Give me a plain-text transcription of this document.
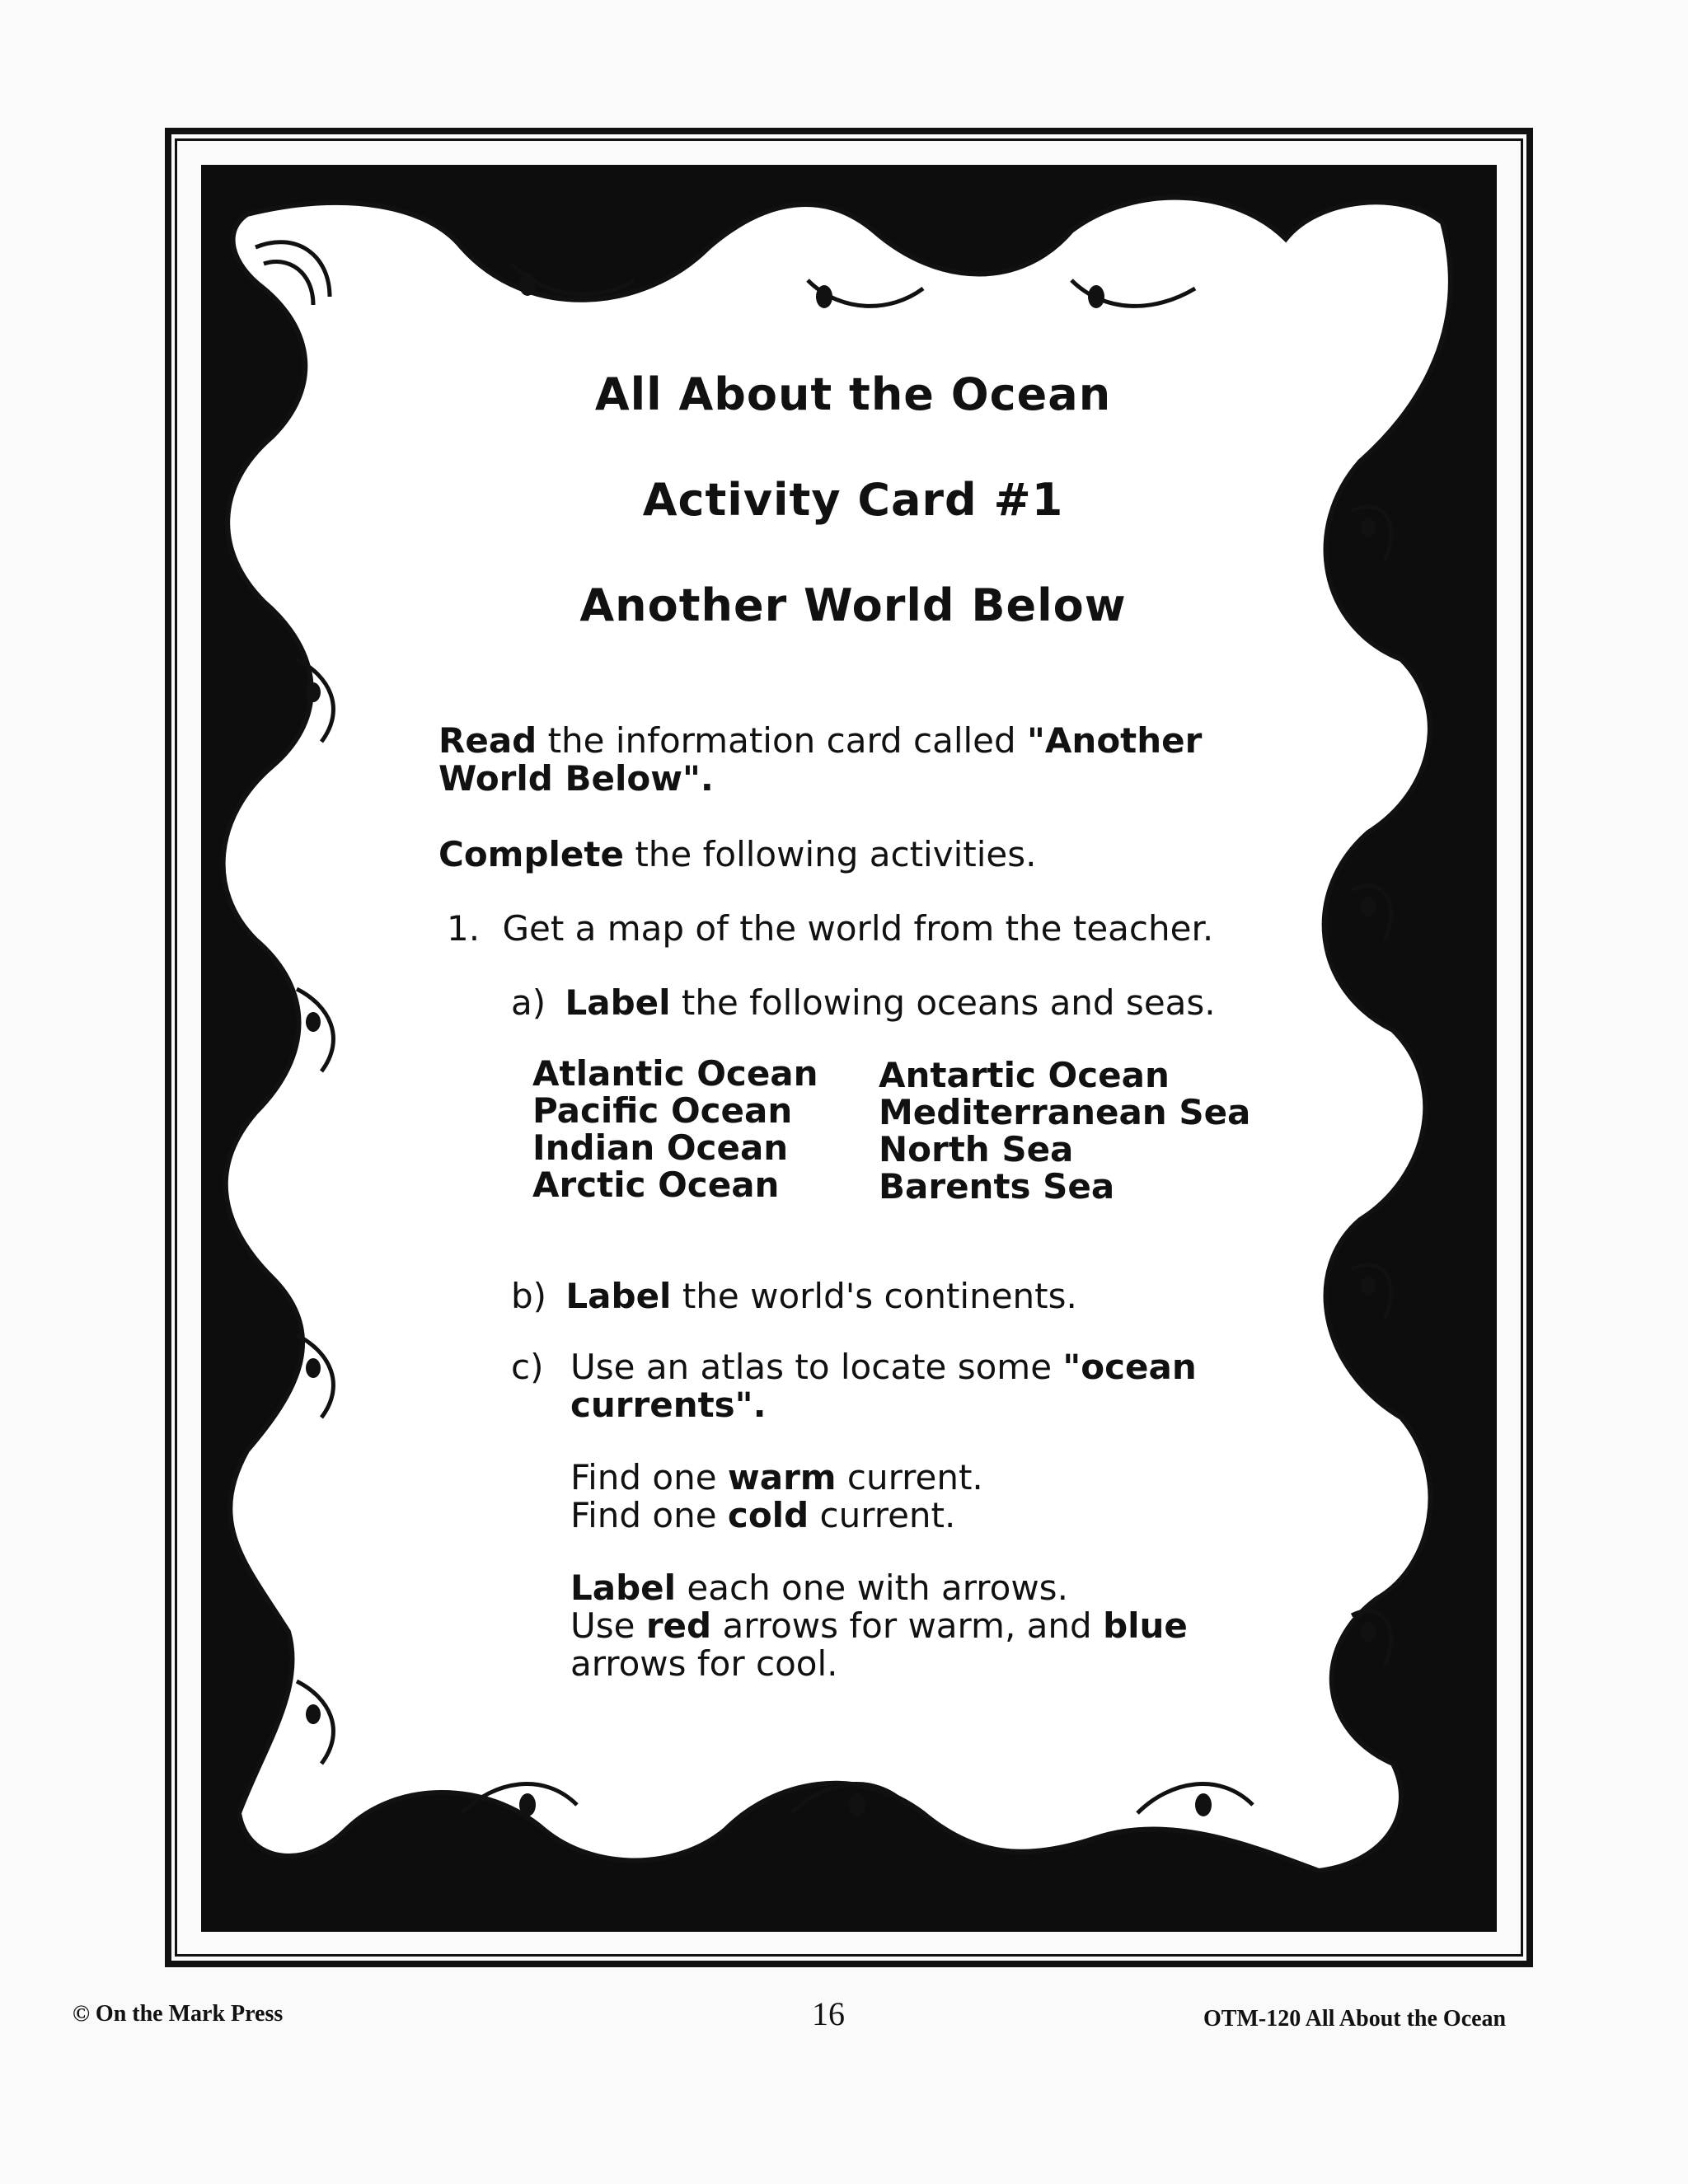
All About the Ocean
Activity Card #1
Another World Below
Read the information card called "Another
World Below".
Complete the following activities.
1. Get a map of the world from the teacher.
a) Label the following oceans and seas.
Atlantic Ocean
Pacific Ocean
Indian Ocean
Arctic Ocean
Antartic Ocean
Mediterranean Sea
North Sea
Barents Sea
b) Label the world's continents.
c) Use an atlas to locate some "ocean
currents".
Find one warm current.
Find one cold current.
Label each one with arrows.
Use red arrows for warm, and blue
arrows for cool.
© On the Mark Press	16	OTM-120 All About the Ocean
